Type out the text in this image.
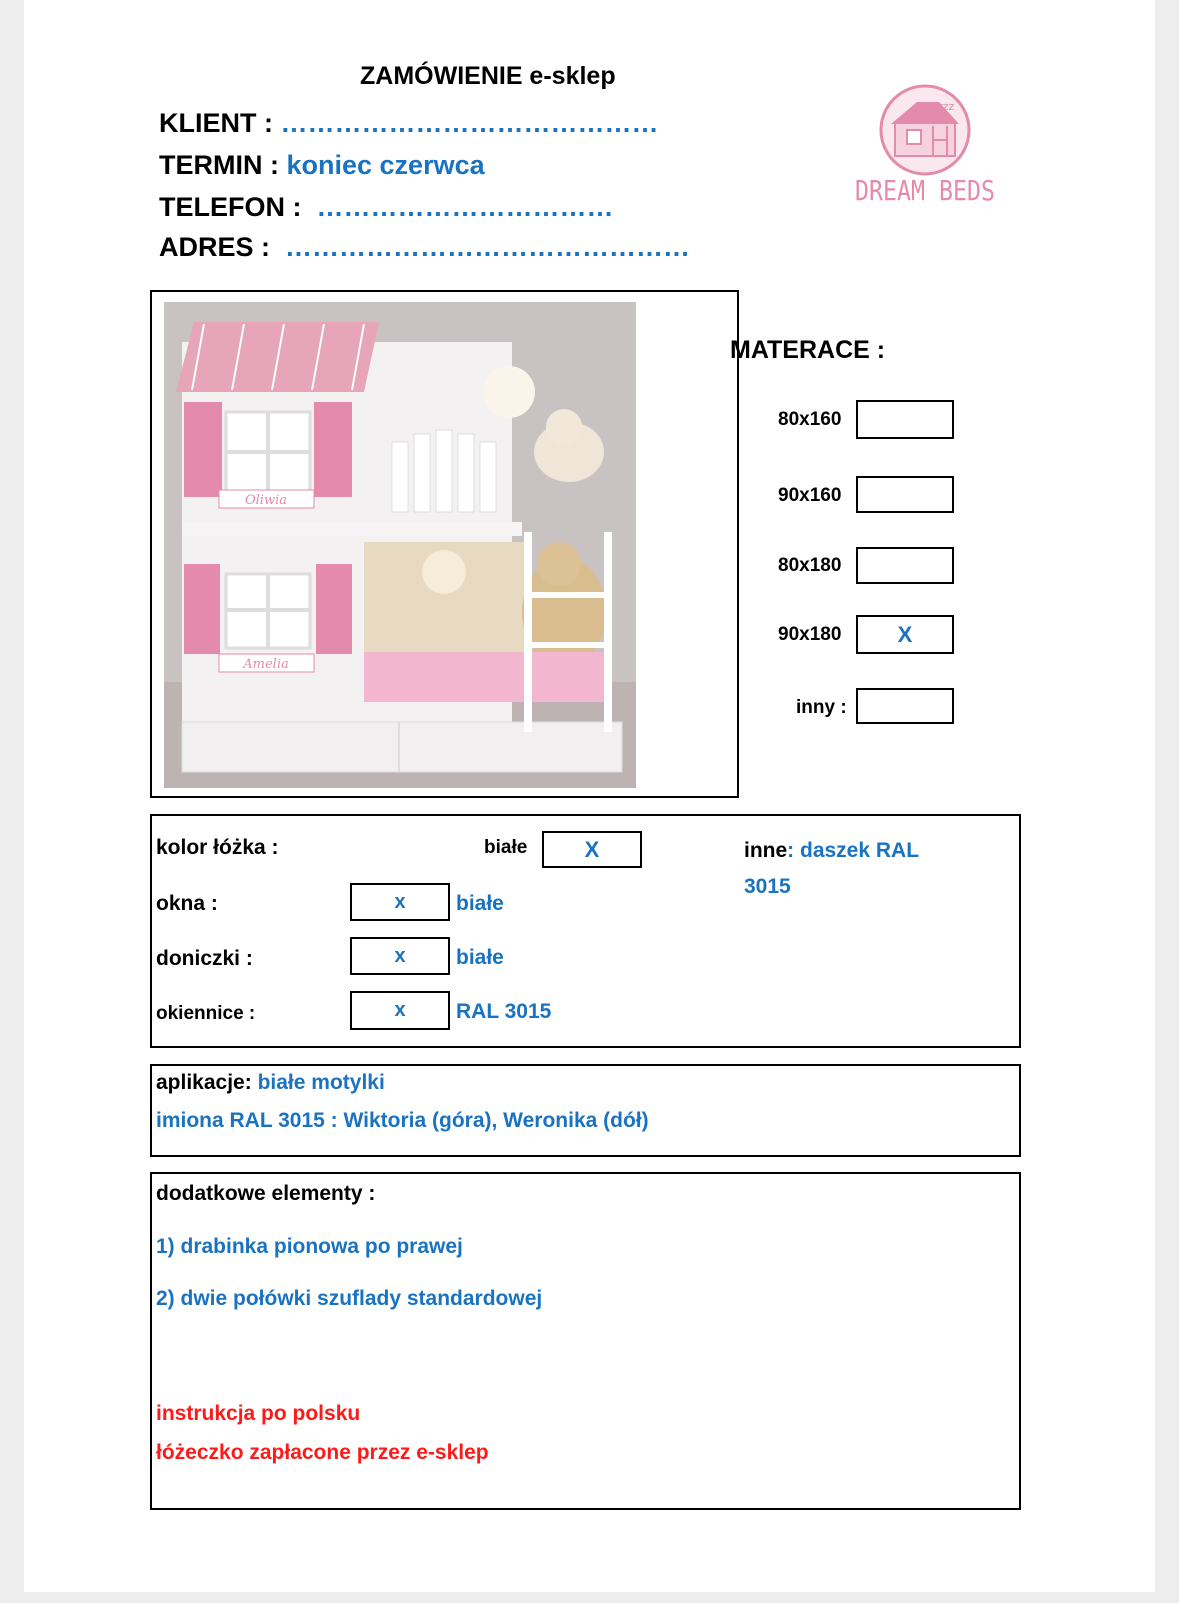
ZAMÓWIENIE e-sklep
KLIENT : ……………………………………
TERMIN : koniec czerwca
TELEFON : ……………………………
ADRES : ………………………………………
zzz
DREAM BEDS
Oliwia
Amelia
MATERACE :
80x160
90x160
80x180
90x180	X
inny :
kolor łóżka :	białe	X	inne: daszek RAL
3015
okna :	x	białe
doniczki :	x	białe
okiennice :	x	RAL 3015
aplikacje: białe motylki
imiona RAL 3015 : Wiktoria (góra), Weronika (dół)
dodatkowe elementy :
1) drabinka pionowa po prawej
2) dwie połówki szuflady standardowej
instrukcja po polsku
łóżeczko zapłacone przez e-sklep
